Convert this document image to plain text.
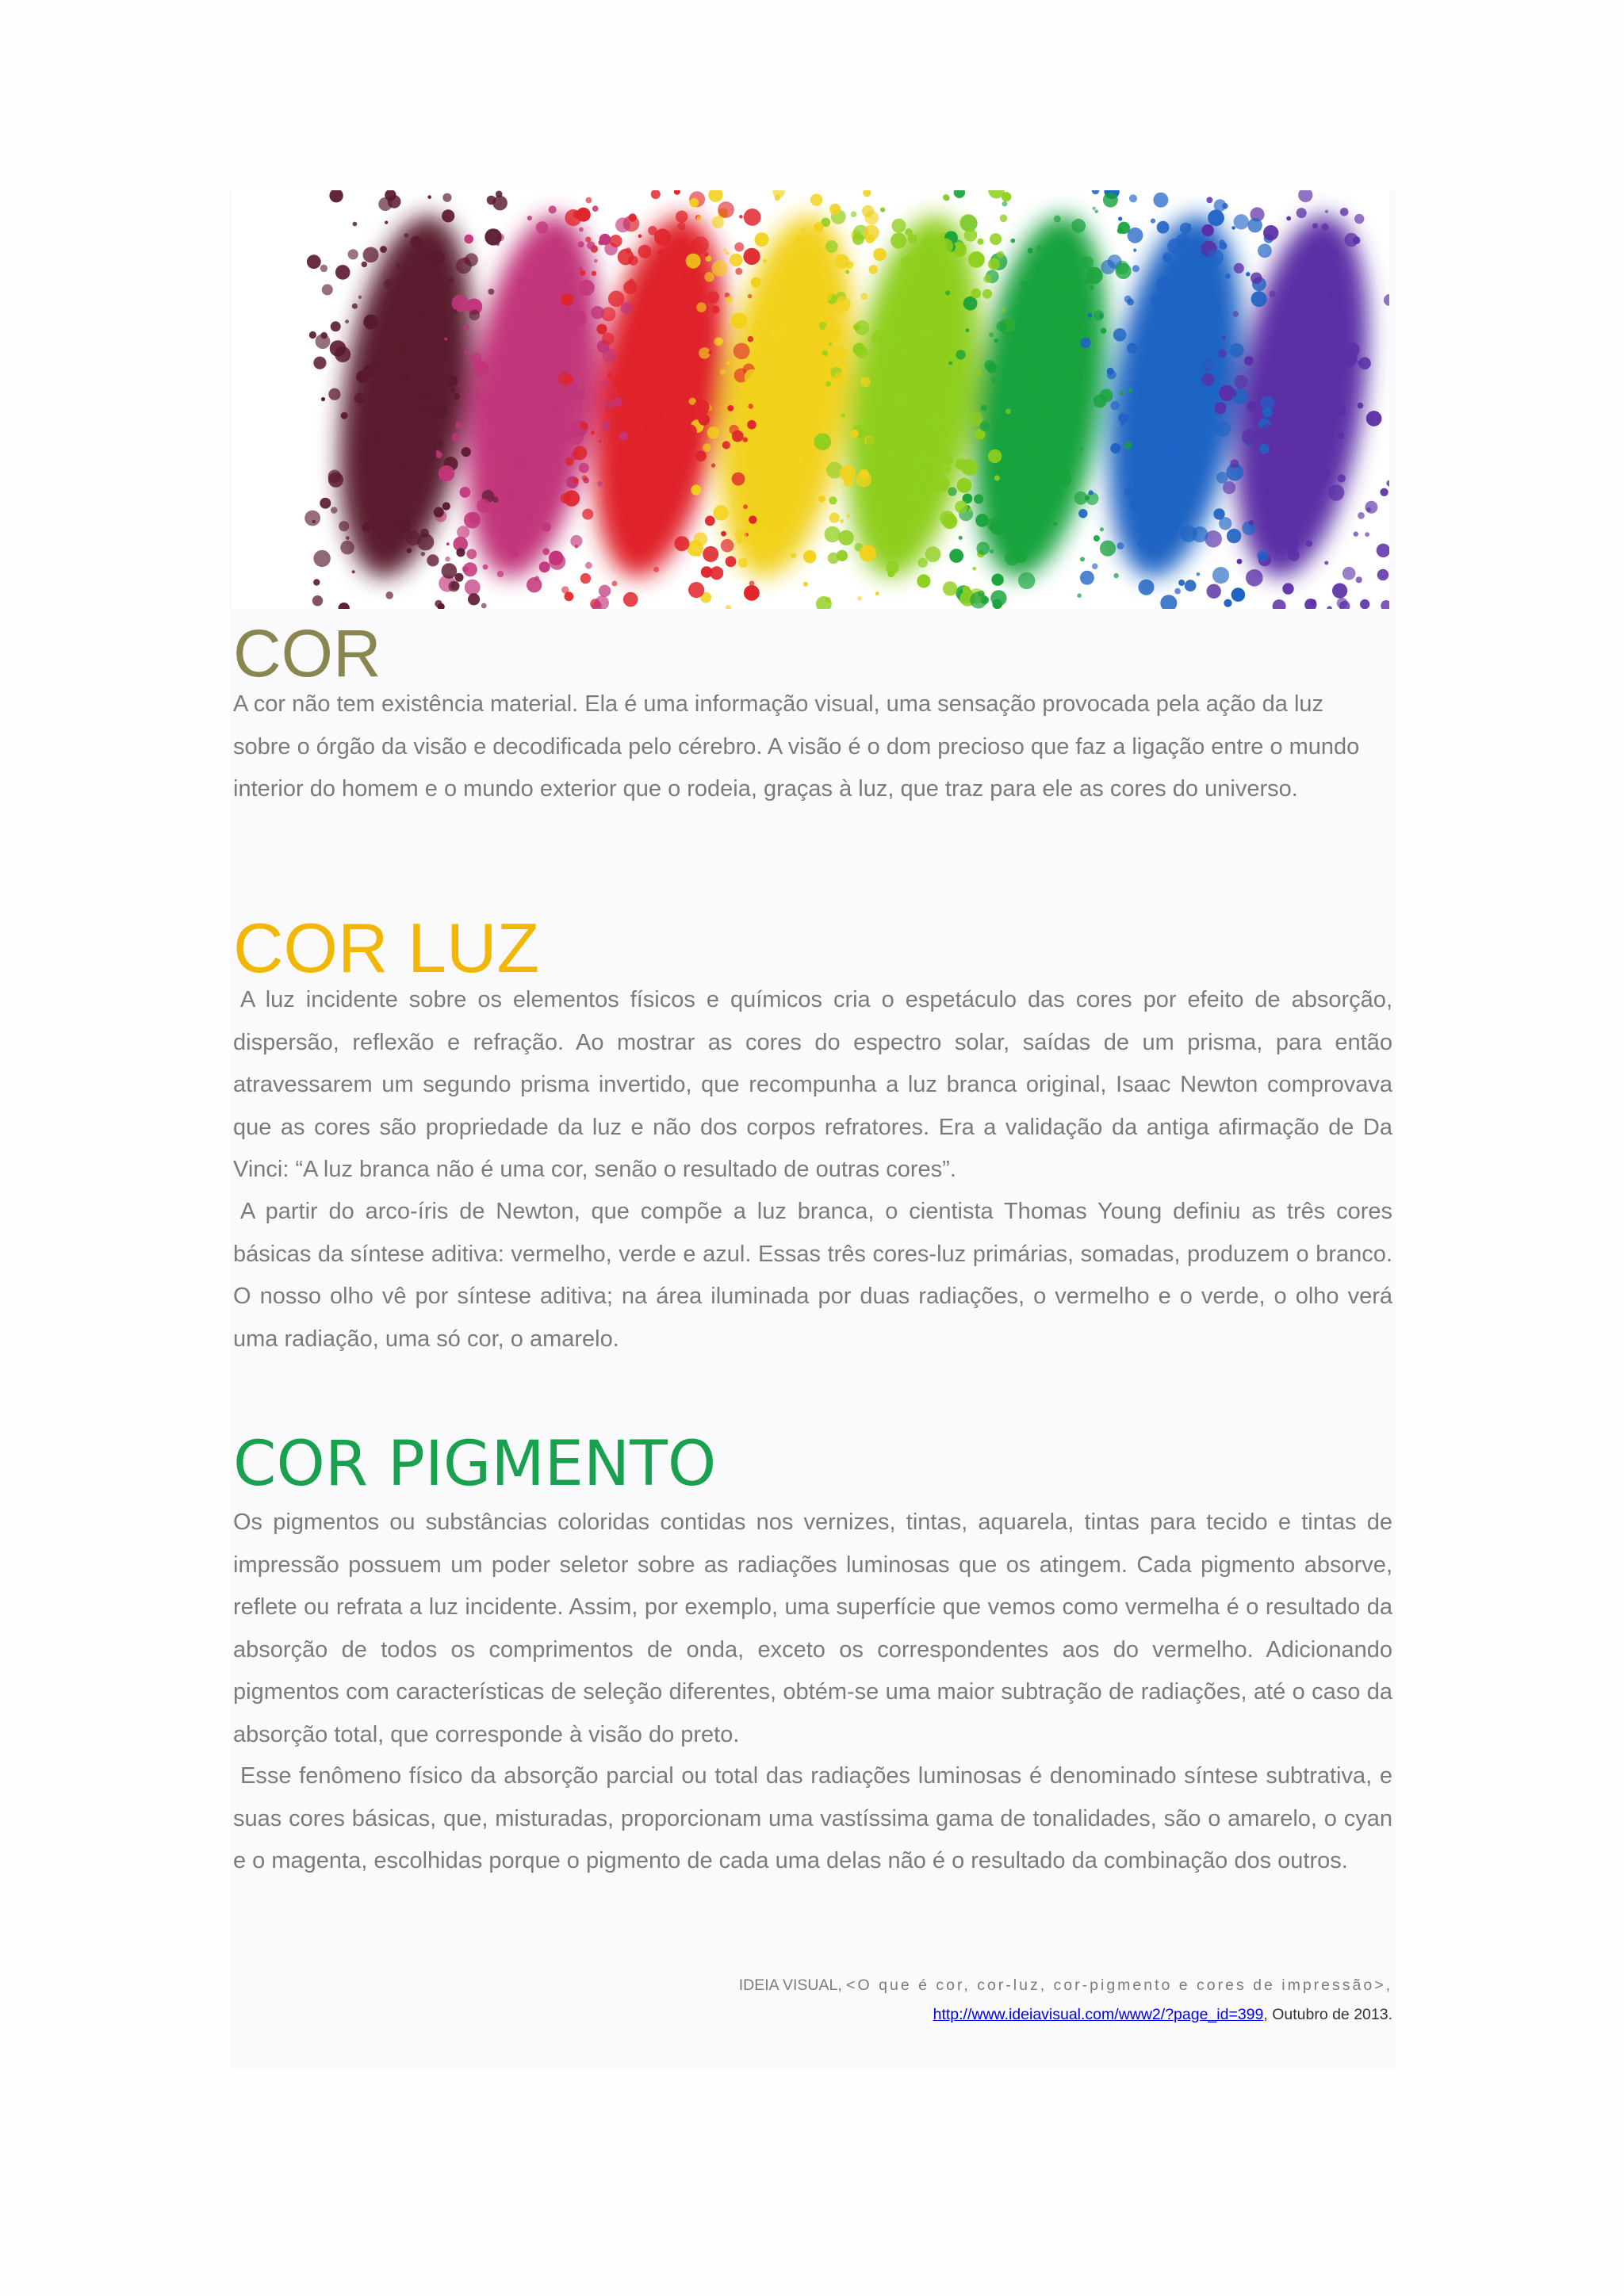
COR

A cor não tem existência material. Ela é uma informação visual, uma sensação provocada pela ação da luz sobre o órgão da visão e decodificada pelo cérebro. A visão é o dom precioso que faz a ligação entre o mundo interior do homem e o mundo exterior que o rodeia, graças à luz, que traz para ele as cores do universo.

COR LUZ

A luz incidente sobre os elementos físicos e químicos cria o espetáculo das cores por efeito de absorção, dispersão, reflexão e refração. Ao mostrar as cores do espectro solar, saídas de um prisma, para então atravessarem um segundo prisma invertido, que recompunha a luz branca original, Isaac Newton comprovava que as cores são propriedade da luz e não dos corpos refratores. Era a validação da antiga afirmação de Da Vinci: “A luz branca não é uma cor, senão o resultado de outras cores”.

A partir do arco-íris de Newton, que compõe a luz branca, o cientista Thomas Young definiu as três cores básicas da síntese aditiva: vermelho, verde e azul. Essas três cores-luz primárias, somadas, produzem o branco. O nosso olho vê por síntese aditiva; na área iluminada por duas radiações, o vermelho e o verde, o olho verá uma radiação, uma só cor, o amarelo.

COR PIGMENTO

Os pigmentos ou substâncias coloridas contidas nos vernizes, tintas, aquarela, tintas para tecido e tintas de impressão possuem um poder seletor sobre as radiações luminosas que os atingem. Cada pigmento absorve, reflete ou refrata a luz incidente. Assim, por exemplo, uma superfície que vemos como vermelha é o resultado da absorção de todos os comprimentos de onda, exceto os correspondentes aos do vermelho. Adicionando pigmentos com características de seleção diferentes, obtém-se uma maior subtração de radiações, até o caso da absorção total, que corresponde à visão do preto.

Esse fenômeno físico da absorção parcial ou total das radiações luminosas é denominado síntese subtrativa, e suas cores básicas, que, misturadas, proporcionam uma vastíssima gama de tonalidades, são o amarelo, o cyan e o magenta, escolhidas porque o pigmento de cada uma delas não é o resultado da combinação dos outros.

IDEIA VISUAL, <O que é cor, cor-luz, cor-pigmento e cores de impressão>,
http://www.ideiavisual.com/www2/?page_id=399, Outubro de 2013.
